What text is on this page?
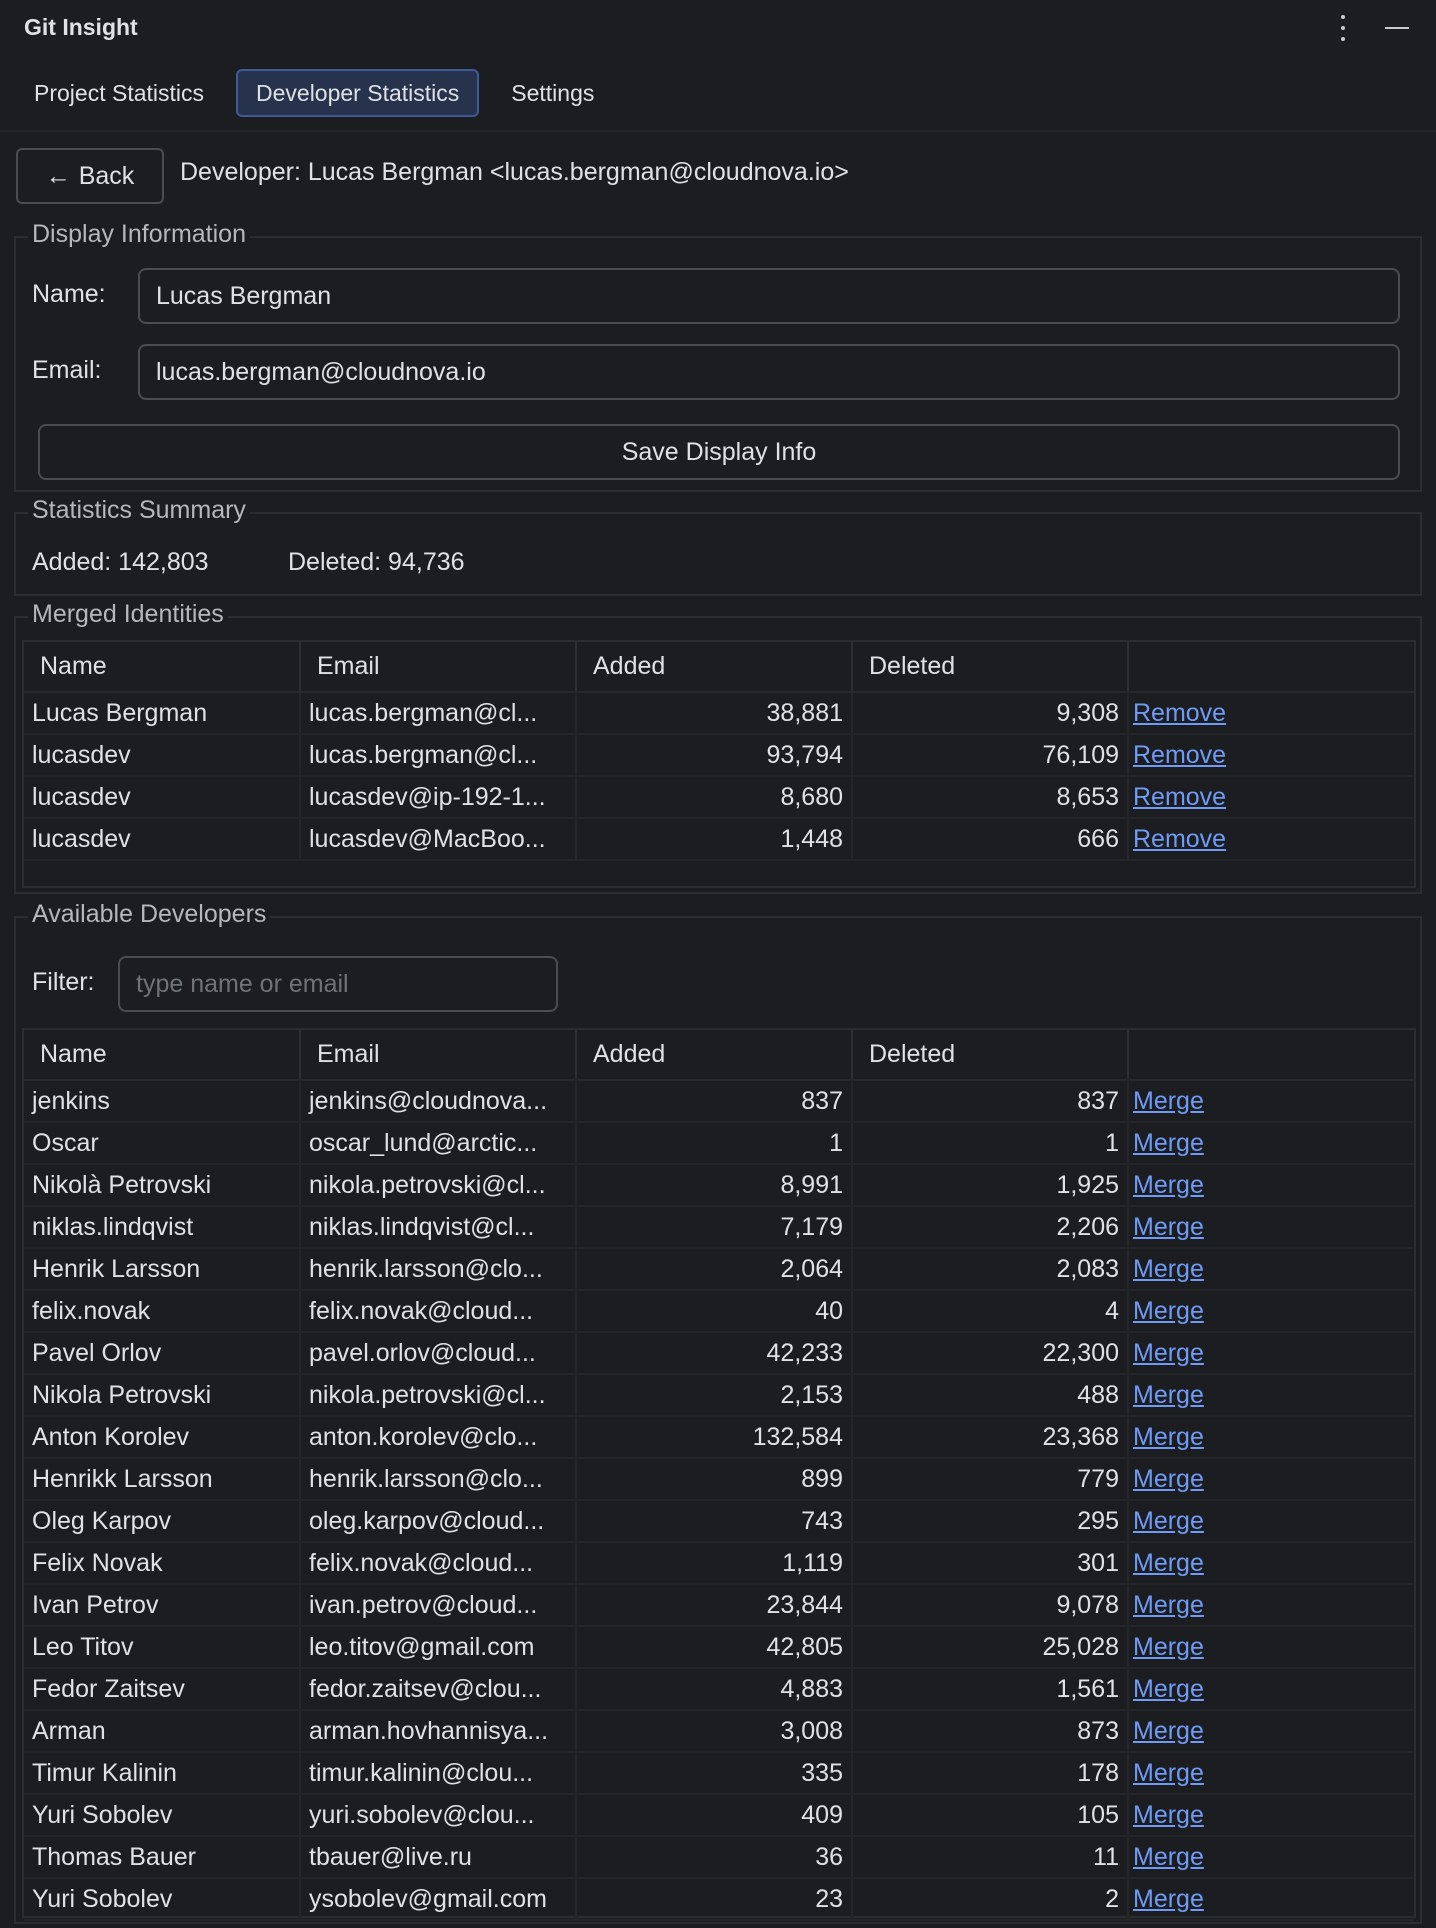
Git Insight
Project Statistics	Developer Statistics	Settings
← Back Developer: Lucas Bergman <lucas.bergman@cloudnova.io>
Display Information
Name:
Lucas Bergman
Email:
lucas.bergman@cloudnova.io
Save Display Info
Statistics Summary
Added: 142,803	Deleted: 94,736
Merged Identities
Name	Email	Added	Deleted	
Lucas Bergman	lucas.bergman@cl...	38,881	9,308	Remove
lucasdev	lucas.bergman@cl...	93,794	76,109	Remove
lucasdev	lucasdev@ip-192-1...	8,680	8,653	Remove
lucasdev	lucasdev@MacBoo...	1,448	666	Remove
Available Developers
Filter:
type name or email
Name	Email	Added	Deleted	
jenkins	jenkins@cloudnova...	837	837	Merge
Oscar	oscar_lund@arctic...	1	1	Merge
Nikolà Petrovski	nikola.petrovski@cl...	8,991	1,925	Merge
niklas.lindqvist	niklas.lindqvist@cl...	7,179	2,206	Merge
Henrik Larsson	henrik.larsson@clo...	2,064	2,083	Merge
felix.novak	felix.novak@cloud...	40	4	Merge
Pavel Orlov	pavel.orlov@cloud...	42,233	22,300	Merge
Nikola Petrovski	nikola.petrovski@cl...	2,153	488	Merge
Anton Korolev	anton.korolev@clo...	132,584	23,368	Merge
Henrikk Larsson	henrik.larsson@clo...	899	779	Merge
Oleg Karpov	oleg.karpov@cloud...	743	295	Merge
Felix Novak	felix.novak@cloud...	1,119	301	Merge
Ivan Petrov	ivan.petrov@cloud...	23,844	9,078	Merge
Leo Titov	leo.titov@gmail.com	42,805	25,028	Merge
Fedor Zaitsev	fedor.zaitsev@clou...	4,883	1,561	Merge
Arman	arman.hovhannisya...	3,008	873	Merge
Timur Kalinin	timur.kalinin@clou...	335	178	Merge
Yuri Sobolev	yuri.sobolev@clou...	409	105	Merge
Thomas Bauer	tbauer@live.ru	36	11	Merge
Yuri Sobolev	ysobolev@gmail.com	23	2	Merge
